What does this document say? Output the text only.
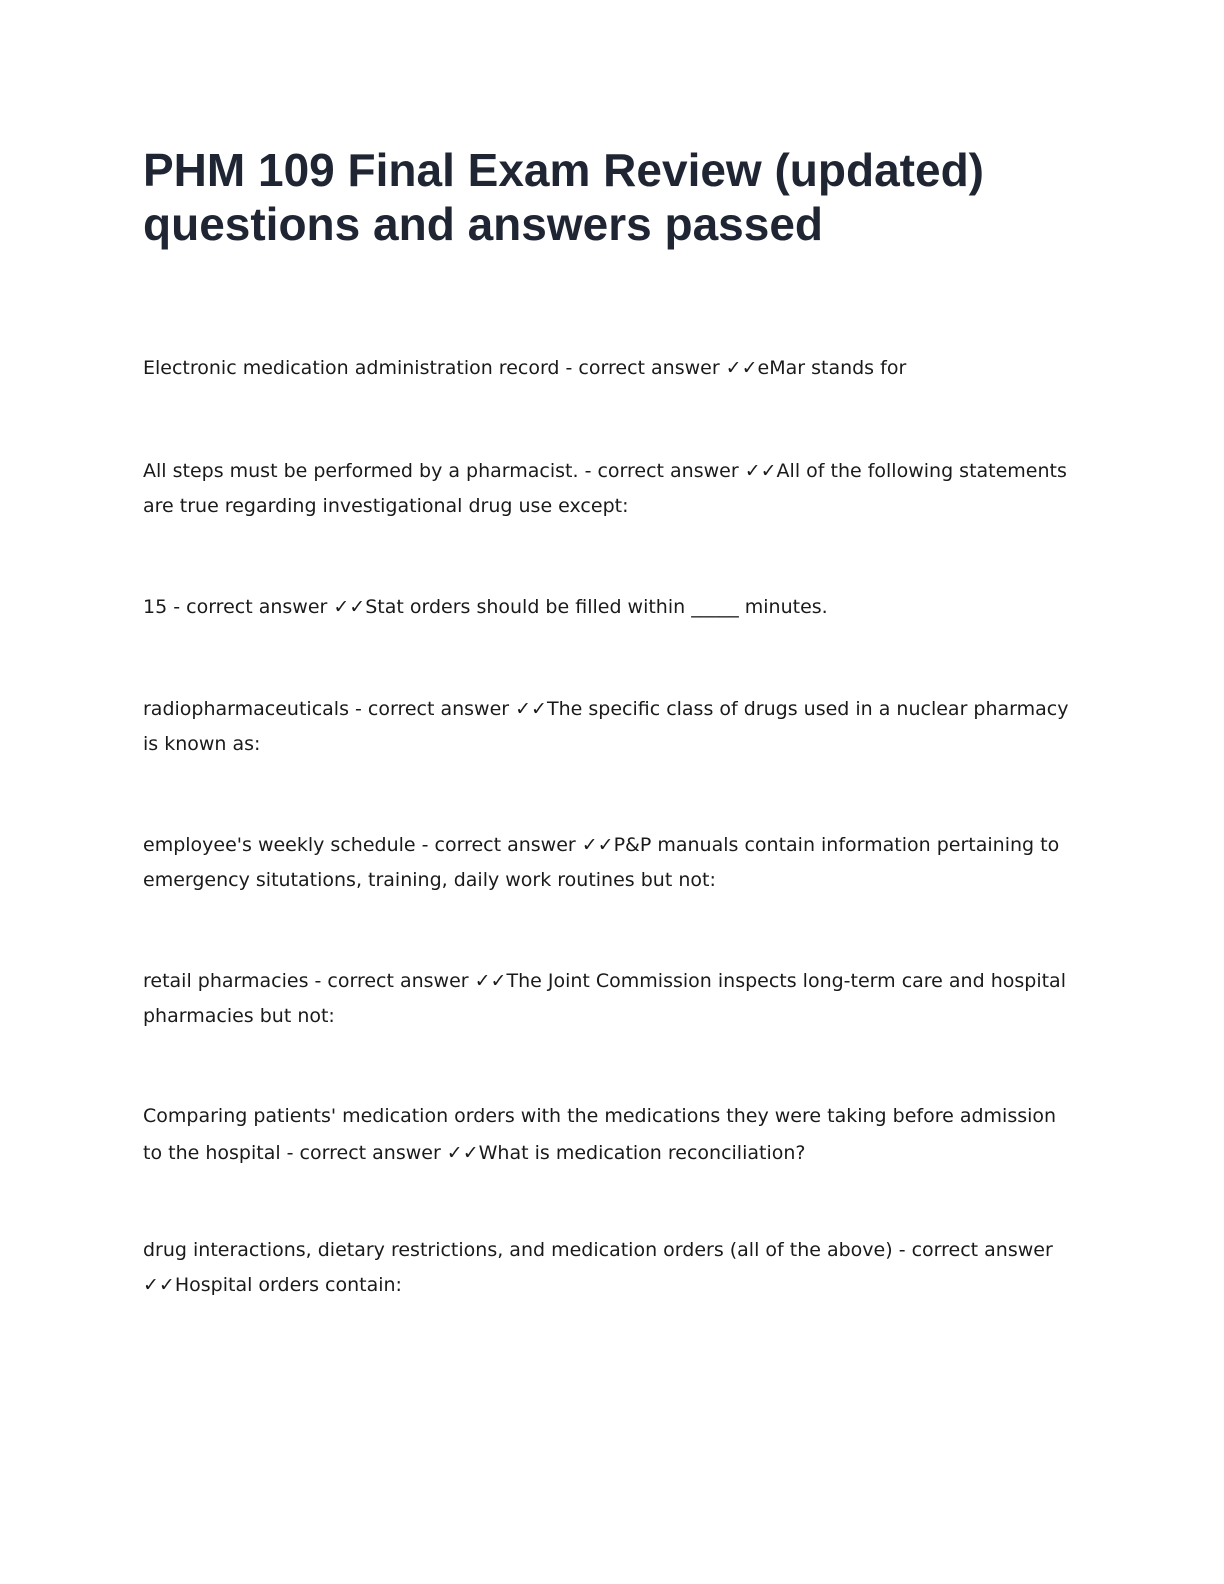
PHM 109 Final Exam Review (updated) questions and answers passed

Electronic medication administration record - correct answer ✓✓eMar stands for

All steps must be performed by a pharmacist. - correct answer ✓✓All of the following statements are true regarding investigational drug use except:

15 - correct answer ✓✓Stat orders should be filled within _____ minutes.

radiopharmaceuticals - correct answer ✓✓The specific class of drugs used in a nuclear pharmacy is known as:

employee's weekly schedule - correct answer ✓✓P&P manuals contain information pertaining to emergency situtations, training, daily work routines but not:

retail pharmacies - correct answer ✓✓The Joint Commission inspects long-term care and hospital pharmacies but not:

Comparing patients' medication orders with the medications they were taking before admission to the hospital - correct answer ✓✓What is medication reconciliation?

drug interactions, dietary restrictions, and medication orders (all of the above) - correct answer ✓✓Hospital orders contain:
